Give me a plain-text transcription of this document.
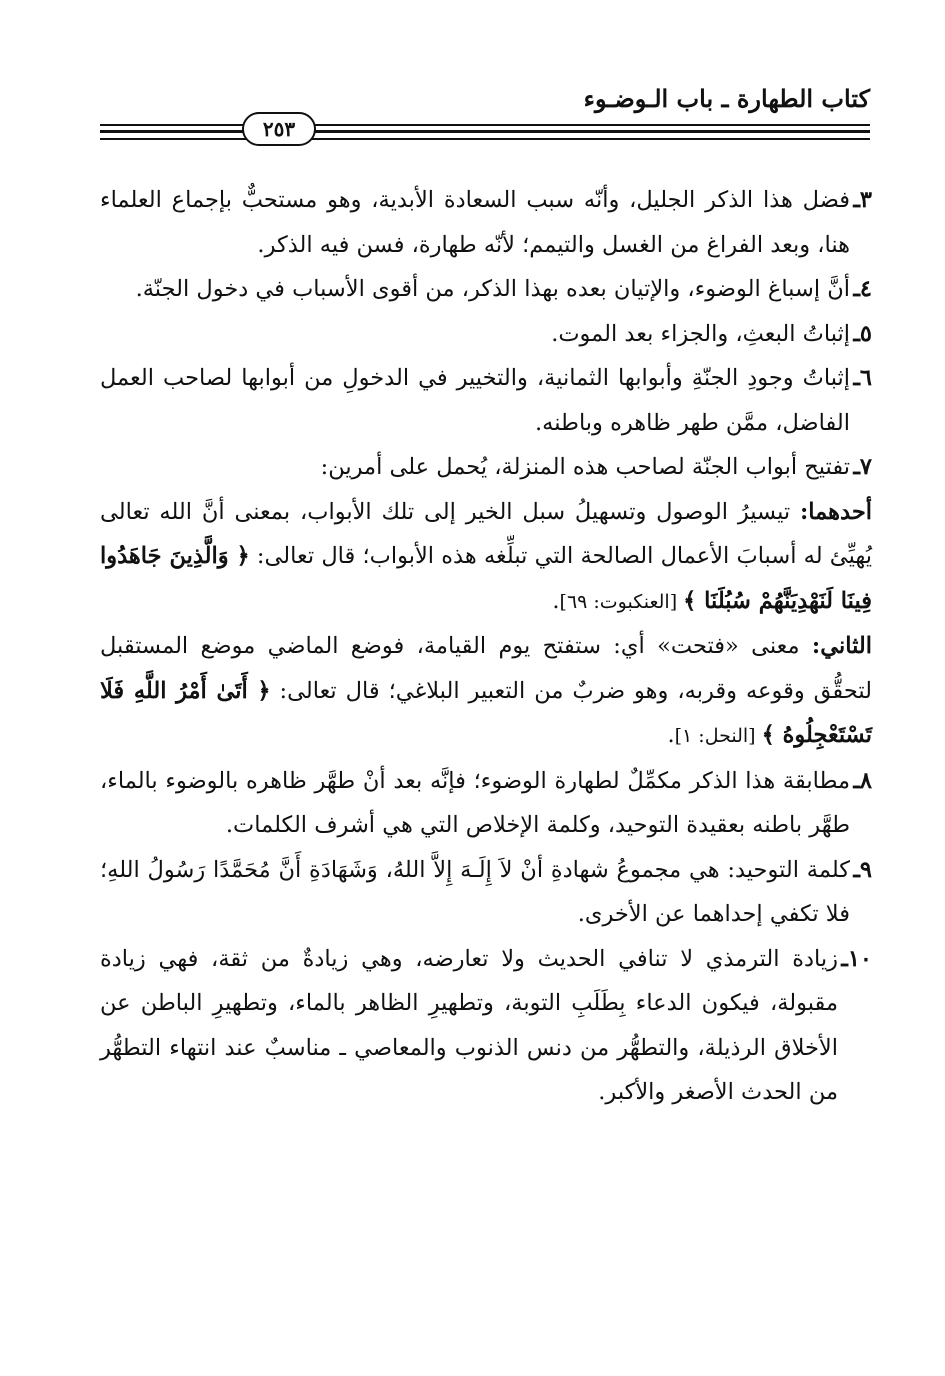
كتاب الطهارة ـ باب الـوضـوء
٢٥٣

٣ـ
فضل هذا الذكر الجليل، وأنّه سبب السعادة الأبدية، وهو مستحبٌّ بإجماع العلماء هنا، وبعد الفراغ من الغسل والتيمم؛ لأنّه طهارة، فسن فيه الذكر.

٤ـ
أنَّ إسباغ الوضوء، والإتيان بعده بهذا الذكر، من أقوى الأسباب في دخول الجنّة.

٥ـ
إثباتُ البعثِ، والجزاء بعد الموت.

٦ـ
إثباتُ وجودِ الجنّةِ وأبوابها الثمانية، والتخيير في الدخولِ من أبوابها لصاحب العمل الفاضل، ممَّن طهر ظاهره وباطنه.

٧ـ
تفتيح أبواب الجنّة لصاحب هذه المنزلة، يُحمل على أمرين:

أحدهما: تيسيرُ الوصول وتسهيلُ سبل الخير إلى تلك الأبواب، بمعنى أنَّ الله تعالى يُهيِّئ له أسبابَ الأعمال الصالحة التي تبلِّغه هذه الأبواب؛ قال تعالى: ﴿ وَالَّذِينَ جَاهَدُوا فِينَا لَنَهْدِيَنَّهُمْ سُبُلَنَا ﴾ [العنكبوت: ٦٩].

الثاني: معنى «فتحت» أي: ستفتح يوم القيامة، فوضع الماضي موضع المستقبل لتحقُّق وقوعه وقربه، وهو ضربٌ من التعبير البلاغي؛ قال تعالى: ﴿ أَتَىٰ أَمْرُ اللَّهِ فَلَا تَسْتَعْجِلُوهُ ﴾ [النحل: ١].

٨ـ
مطابقة هذا الذكر مكمِّلٌ لطهارة الوضوء؛ فإنَّه بعد أنْ طهَّر ظاهره بالوضوء بالماء، طهَّر باطنه بعقيدة التوحيد، وكلمة الإخلاص التي هي أشرف الكلمات.

٩ـ
كلمة التوحيد: هي مجموعُ شهادةِ أنْ لاَ إِلَـهَ إِلاَّ اللهُ، وَشَهَادَةِ أَنَّ مُحَمَّدًا رَسُولُ اللهِ؛ فلا تكفي إحداهما عن الأخرى.

١٠ـ
زيادة الترمذي لا تنافي الحديث ولا تعارضه، وهي زيادةٌ من ثقة، فهي زيادة مقبولة، فيكون الدعاء بِطَلَبِ التوبة، وتطهيرِ الظاهر بالماء، وتطهيرِ الباطن عن الأخلاق الرذيلة، والتطهُّر من دنس الذنوب والمعاصي ـ مناسبٌ عند انتهاء التطهُّر من الحدث الأصغر والأكبر.
